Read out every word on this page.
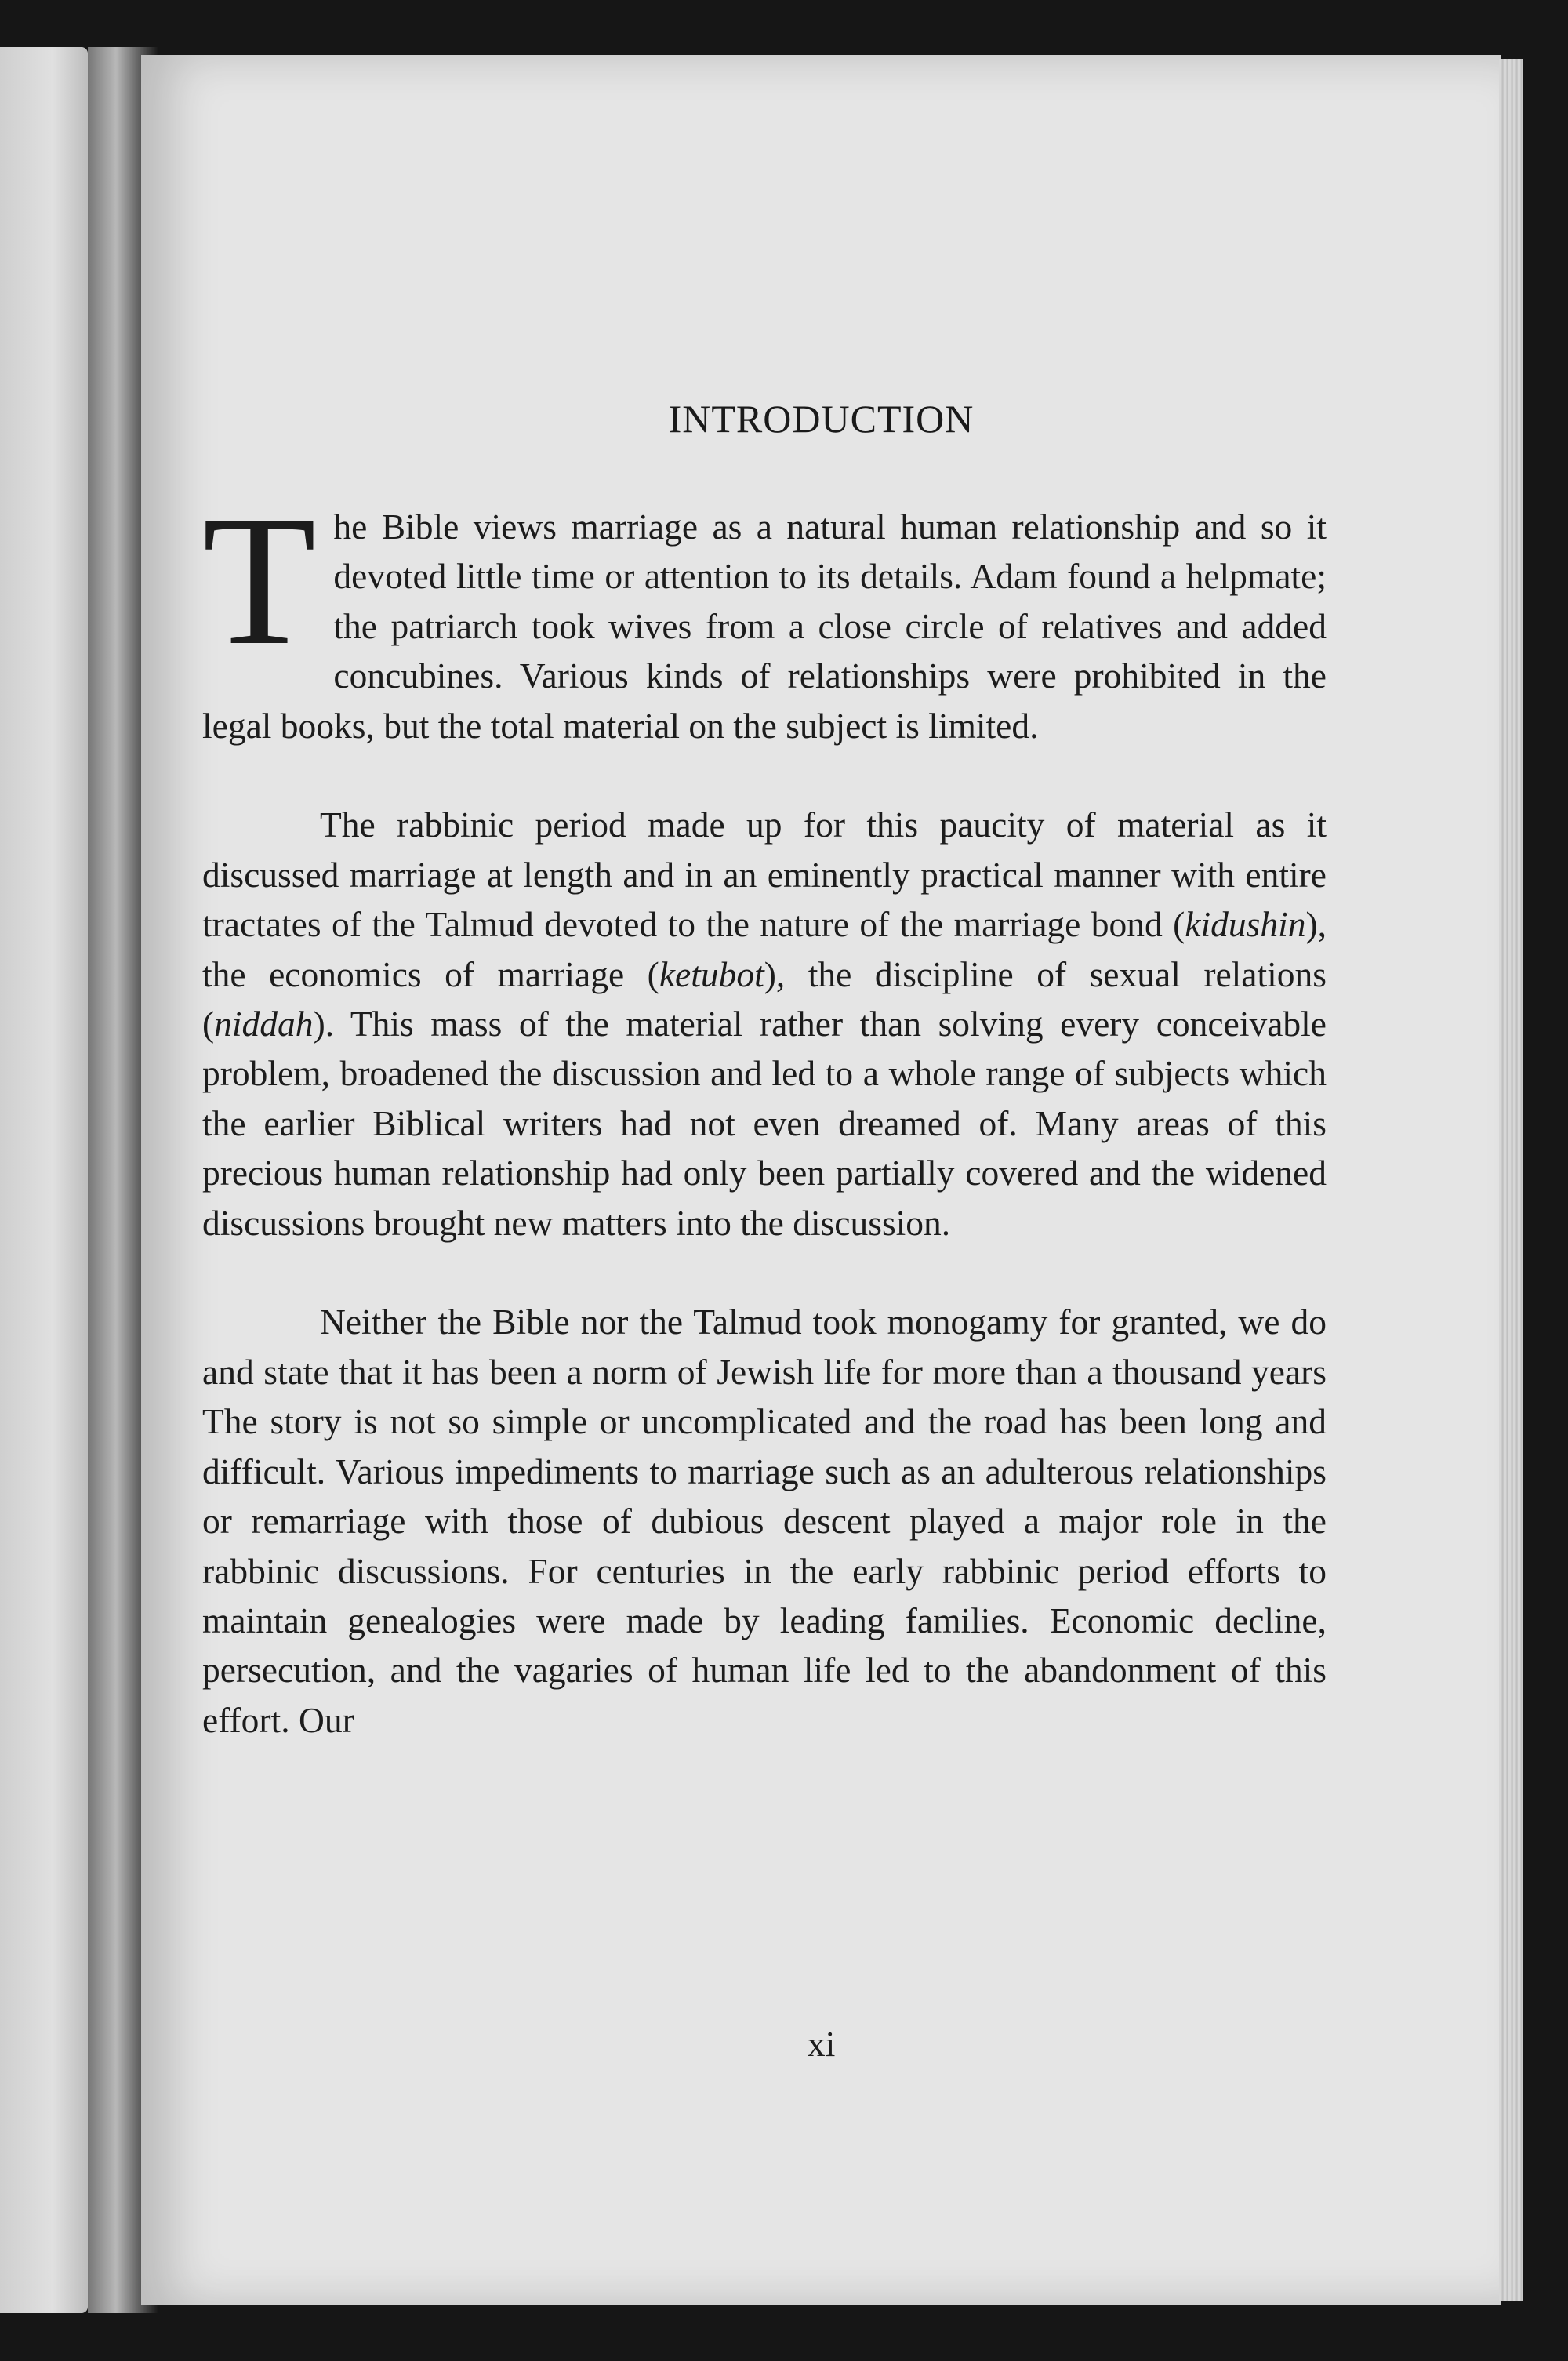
INTRODUCTION

The Bible views marriage as a natural human relationship and so it devoted little time or attention to its details. Adam found a helpmate; the patriarch took wives from a close circle of relatives and added concubines. Various kinds of relationships were prohibited in the legal books, but the total material on the subject is limited.

The rabbinic period made up for this paucity of material as it discussed marriage at length and in an eminently practical manner with entire tractates of the Talmud devoted to the nature of the marriage bond (kidushin), the economics of marriage (ketubot), the discipline of sexual relations (niddah). This mass of the material rather than solving every conceivable problem, broadened the discussion and led to a whole range of subjects which the earlier Biblical writers had not even dreamed of. Many areas of this precious human relationship had only been partially covered and the widened discussions brought new matters into the discussion.

Neither the Bible nor the Talmud took monogamy for granted, we do and state that it has been a norm of Jewish life for more than a thousand years The story is not so simple or uncomplicated and the road has been long and difficult. Various impediments to marriage such as an adulterous relationships or remarriage with those of dubious descent played a major role in the rabbinic discussions. For centuries in the early rabbinic period efforts to maintain genealogies were made by leading families. Economic decline, persecution, and the vagaries of human life led to the abandonment of this effort. Our

xi
